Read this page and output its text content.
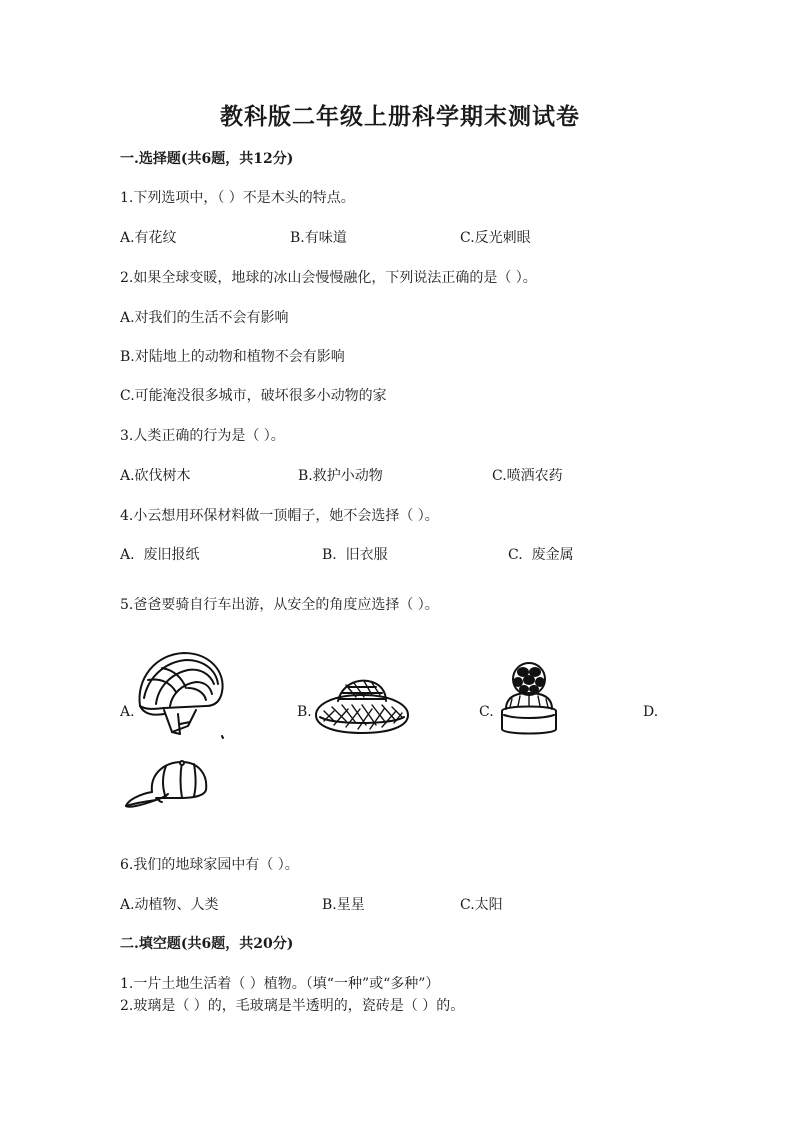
教科版二年级上册科学期末测试卷
一.选择题(共6题，共12分)
1.下列选项中，（ ）不是木头的特点。
A.有花纹	B.有味道	C.反光刺眼
2.如果全球变暖，地球的冰山会慢慢融化，下列说法正确的是（ ）。
A.对我们的生活不会有影响
B.对陆地上的动物和植物不会有影响
C.可能淹没很多城市，破坏很多小动物的家
3.人类正确的行为是（ ）。
A.砍伐树木	B.救护小动物	C.喷洒农药
4.小云想用环保材料做一顶帽子，她不会选择（ ）。
A.  废旧报纸	B.  旧衣服	C.  废金属
5.爸爸要骑自行车出游，从安全的角度应选择（ ）。
A.	B.	C.	D.
6.我们的地球家园中有（ ）。
A.动植物、人类	B.星星	C.太阳
二.填空题(共6题，共20分)
1.一片土地生活着（ ）植物。（填“一种”或“多种”）
2.玻璃是（ ）的，毛玻璃是半透明的，瓷砖是（ ）的。
